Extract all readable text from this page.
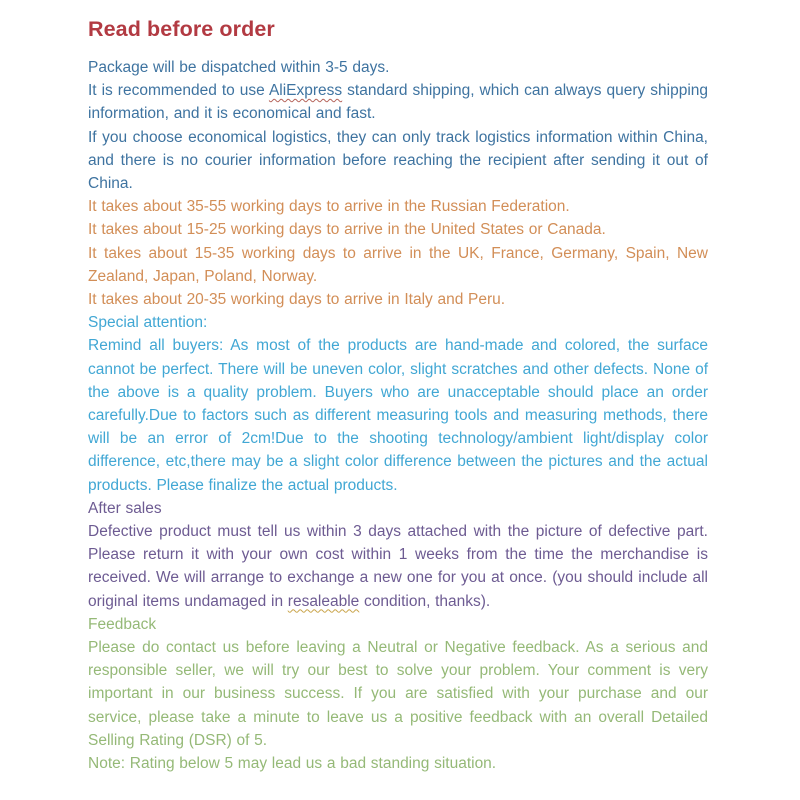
Read before order

Package will be dispatched within 3-5 days.

It is recommended to use AliExpress standard shipping, which can always query shipping information, and it is economical and fast.

If you choose economical logistics, they can only track logistics information within China, and there is no courier information before reaching the recipient after sending it out of China.

It takes about 35-55 working days to arrive in the Russian Federation.

It takes about 15-25 working days to arrive in the United States or Canada.

It takes about 15-35 working days to arrive in the UK, France, Germany, Spain, New Zealand, Japan, Poland, Norway.

It takes about 20-35 working days to arrive in Italy and Peru.

Special attention:

Remind all buyers: As most of the products are hand-made and colored, the surface cannot be perfect. There will be uneven color, slight scratches and other defects. None of the above is a quality problem. Buyers who are unacceptable should place an order carefully.Due to factors such as different measuring tools and measuring methods, there will be an error of 2cm!Due to the shooting technology/ambient light/display color difference, etc,there may be a slight color difference between the pictures and the actual products. Please finalize the actual products.

After sales

Defective product must tell us within 3 days attached with the picture of defective part. Please return it with your own cost within 1 weeks from the time the merchandise is received. We will arrange to exchange a new one for you at once. (you should include all original items undamaged in resaleable condition, thanks).

Feedback

Please do contact us before leaving a Neutral or Negative feedback. As a serious and responsible seller, we will try our best to solve your problem. Your comment is very important in our business success. If you are satisfied with your purchase and our service, please take a minute to leave us a positive feedback with an overall Detailed Selling Rating (DSR) of 5.

Note: Rating below 5 may lead us a bad standing situation.
